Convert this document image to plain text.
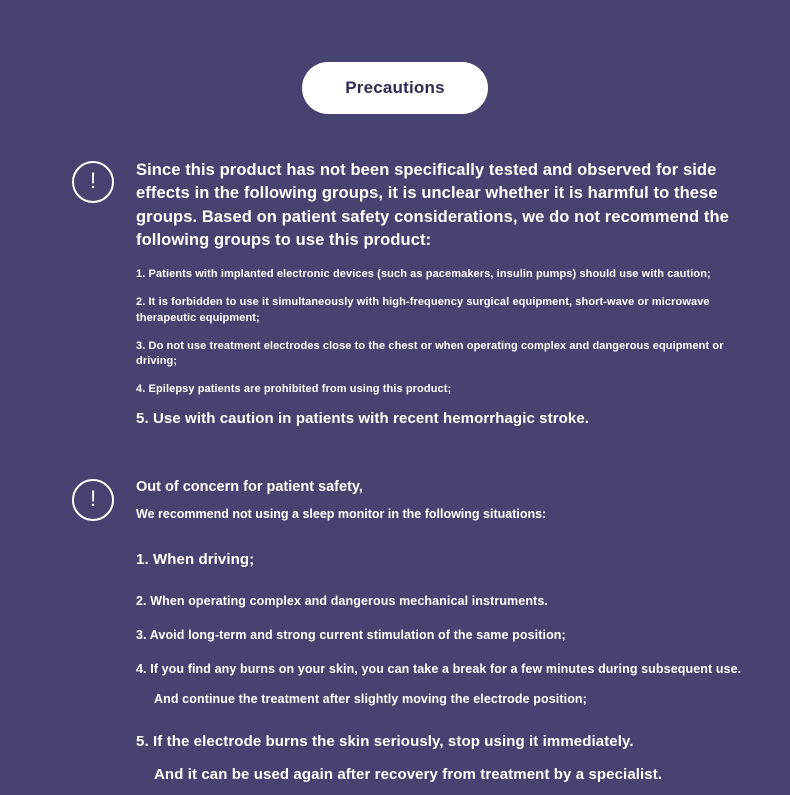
Precautions
! Since this product has not been specifically tested and observed for side effects in the following groups, it is unclear whether it is harmful to these groups. Based on patient safety considerations, we do not recommend the following groups to use this product:

1. Patients with implanted electronic devices (such as pacemakers, insulin pumps) should use with caution;

2. It is forbidden to use it simultaneously with high-frequency surgical equipment, short-wave or microwave therapeutic equipment;

3. Do not use treatment electrodes close to the chest or when operating complex and dangerous equipment or driving;

4. Epilepsy patients are prohibited from using this product;

5. Use with caution in patients with recent hemorrhagic stroke.

!	Out of concern for patient safety,

We recommend not using a sleep monitor in the following situations:

1. When driving;

2. When operating complex and dangerous mechanical instruments.

3. Avoid long-term and strong current stimulation of the same position;

4. If you find any burns on your skin, you can take a break for a few minutes during subsequent use.

And continue the treatment after slightly moving the electrode position;

5. If the electrode burns the skin seriously, stop using it immediately.

And it can be used again after recovery from treatment by a specialist.
